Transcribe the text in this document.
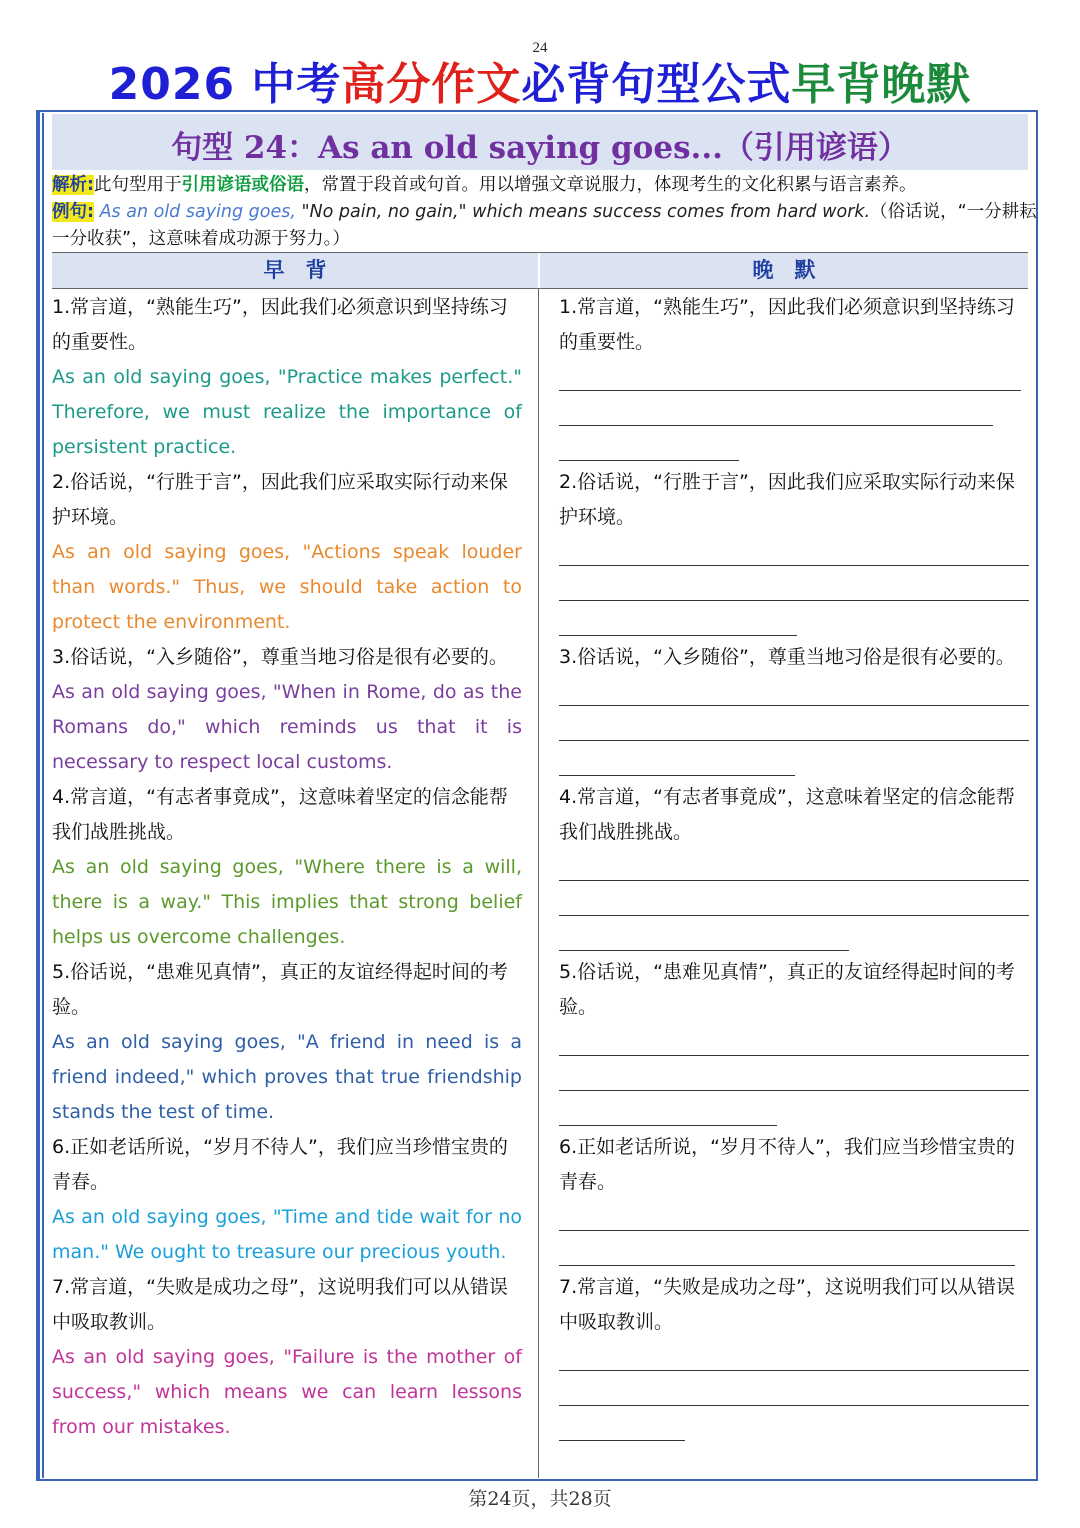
24
2026 中考高分作文必背句型公式早背晚默
句型 24：As an old saying goes...（引用谚语）
解析:此句型用于引用谚语或俗语，常置于段首或句首。用以增强文章说服力，体现考生的文化积累与语言素养。
例句: As an old saying goes, "No pain, no gain," which means success comes from hard work.（俗话说，“一分耕耘一分收获”，这意味着成功源于努力。）
早　背	晚　默
1.常言道，“熟能生巧”，因此我们必须意识到坚持练习的重要性。
As an old saying goes, "Practice makes perfect." Therefore, we must realize the importance of persistent practice.
2.俗话说，“行胜于言”，因此我们应采取实际行动来保护环境。
As an old saying goes, "Actions speak louder than words." Thus, we should take action to protect the environment.
3.俗话说，“入乡随俗”，尊重当地习俗是很有必要的。
As an old saying goes, "When in Rome, do as the Romans do," which reminds us that it is necessary to respect local customs.
4.常言道，“有志者事竟成”，这意味着坚定的信念能帮我们战胜挑战。
As an old saying goes, "Where there is a will, there is a way." This implies that strong belief helps us overcome challenges.
5.俗话说，“患难见真情”，真正的友谊经得起时间的考验。
As an old saying goes, "A friend in need is a friend indeed," which proves that true friendship stands the test of time.
6.正如老话所说，“岁月不待人”，我们应当珍惜宝贵的青春。
As an old saying goes, "Time and tide wait for no man." We ought to treasure our precious youth.
7.常言道，“失败是成功之母”，这说明我们可以从错误中吸取教训。
As an old saying goes, "Failure is the mother of success," which means we can learn lessons from our mistakes.
1.常言道，“熟能生巧”，因此我们必须意识到坚持练习的重要性。
2.俗话说，“行胜于言”，因此我们应采取实际行动来保护环境。
3.俗话说，“入乡随俗”，尊重当地习俗是很有必要的。
4.常言道，“有志者事竟成”，这意味着坚定的信念能帮我们战胜挑战。
5.俗话说，“患难见真情”，真正的友谊经得起时间的考验。
6.正如老话所说，“岁月不待人”，我们应当珍惜宝贵的青春。
7.常言道，“失败是成功之母”，这说明我们可以从错误中吸取教训。
第24页，共28页
